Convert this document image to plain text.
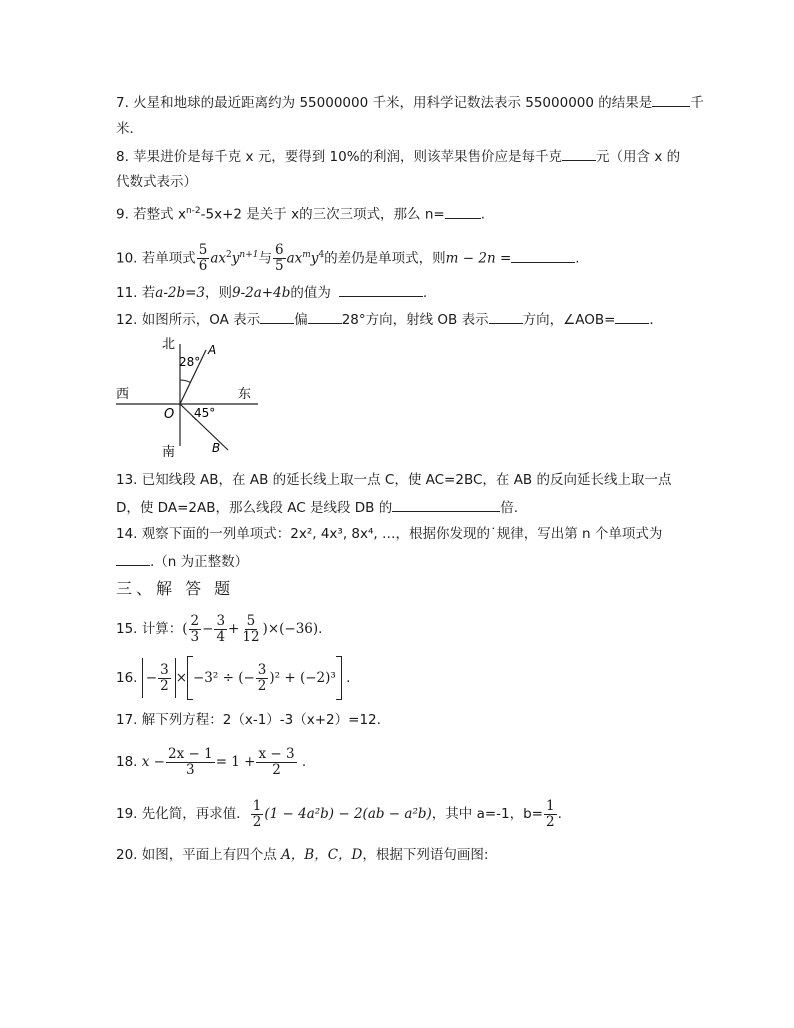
7. 火星和地球的最近距离约为 55000000 千米，用科学记数法表示 55000000 的结果是	千
米．
8. 苹果进价是每千克 x 元，要得到 10%的利润，则该苹果售价应是每千克	元（用含 x 的
代数式表示）
9. 若整式 $x^{n-2}-5x+2$ 是关于 x的三次三项式，那么 n=	.
10. 若单项式 $\frac{5}{6} ax^2y^{n+1}$与 $\frac{6}{5} ax^my^4$的差仍是单项式，则m − 2n =	.
11. 若a-2b=3，则9-2a+4b的值为	.
12. 如图所示，OA 表示	偏	28°方向，射线 OB 表示	方向，∠AOB=	.
北
南
西	东
O
A
B
28°
45°
13. 已知线段 AB，在 AB 的延长线上取一点 C，使 AC=2BC，在 AB 的反向延长线上取一点
D，使 DA=2AB，那么线段 AC 是线段 DB 的	倍.
14. 观察下面的一列单项式：2x², 4x³, 8x⁴, …，根据你发现的˙规律，写出第 n 个单项式为
.（n 为正整数）
三、解 答 题
15. 计算：( $\frac{2}{3} - \frac{3}{4} + \frac{5}{12} )\times(-36)$.
16. − $\frac{3}{2} \times -3^2$ ÷ (− $\frac{3}{2} )^2 + (-2)^3$ .
17. 解下列方程：2（x-1）-3（x+2）=12.
18. $x - \frac{2x - 1}{3} = 1 + \frac{x - 3}{2}$ .
19. 先化简，再求值． $\frac{1}{2} (1 - 4a^2b) - 2(ab - a^2b)$，其中 a=-1，$b= \frac{1}{2}$ .
20. 如图，平面上有四个点 A，B，C，D，根据下列语句画图:
